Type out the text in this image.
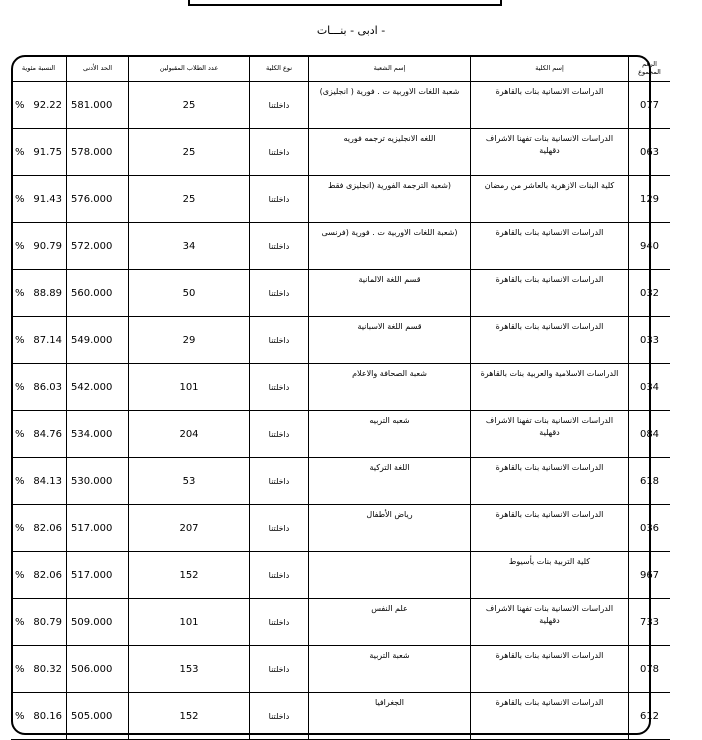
- ادبى - بنـــات
النسبة مئوية	الحد الأدنى	عدد الطلاب المقبولين	نوع الكلية	إسم الشعبة	إسم الكلية	الرقم المجموع

% 92.22	581.000	25	داخلتنا	شعبة اللغات الاوربية ت . فورية ( انجليزى)	الدراسات الانسانية بنات بالقاهرة	077

% 91.75	578.000	25	داخلتنا	اللغه الانجليزيه ترجمه فوريه	الدراسات الانسانية بنات تفهنا الاشراف دقهلية	063

% 91.43	576.000	25	داخلتنا	(شعبة الترجمة الفورية (انجليزى فقط	كلية البنات الازهرية بالعاشر من رمضان	129

% 90.79	572.000	34	داخلتنا	(شعبة اللغات الاوربية ت . فورية (فرنسى	الدراسات الانسانية بنات بالقاهرة	940

% 88.89	560.000	50	داخلتنا	قسم اللغة الالمانية	الدراسات الانسانية بنات بالقاهرة	032

% 87.14	549.000	29	داخلتنا	قسم اللغة الاسبانية	الدراسات الانسانية بنات بالقاهرة	033

% 86.03	542.000	101	داخلتنا	شعبة الصحافة والاعلام	الدراسات الاسلامية والعربية بنات بالقاهرة	034

% 84.76	534.000	204	داخلتنا	شعبه التربيه	الدراسات الانسانية بنات تفهنا الاشراف دقهلية	084

% 84.13	530.000	53	داخلتنا	اللغة التركية	الدراسات الانسانية بنات بالقاهرة	618

% 82.06	517.000	207	داخلتنا	رياض الأطفال	الدراسات الانسانية بنات بالقاهرة	036

% 82.06	517.000	152	داخلتنا		كلية التربية بنات بأسيوط	967

% 80.79	509.000	101	داخلتنا	علم النفس	الدراسات الانسانية بنات تفهنا الاشراف دقهلية	733

% 80.32	506.000	153	داخلتنا	شعبة التربية	الدراسات الانسانية بنات بالقاهرة	078

% 80.16	505.000	152	داخلتنا	الجغرافيا	الدراسات الانسانية بنات بالقاهرة	612
